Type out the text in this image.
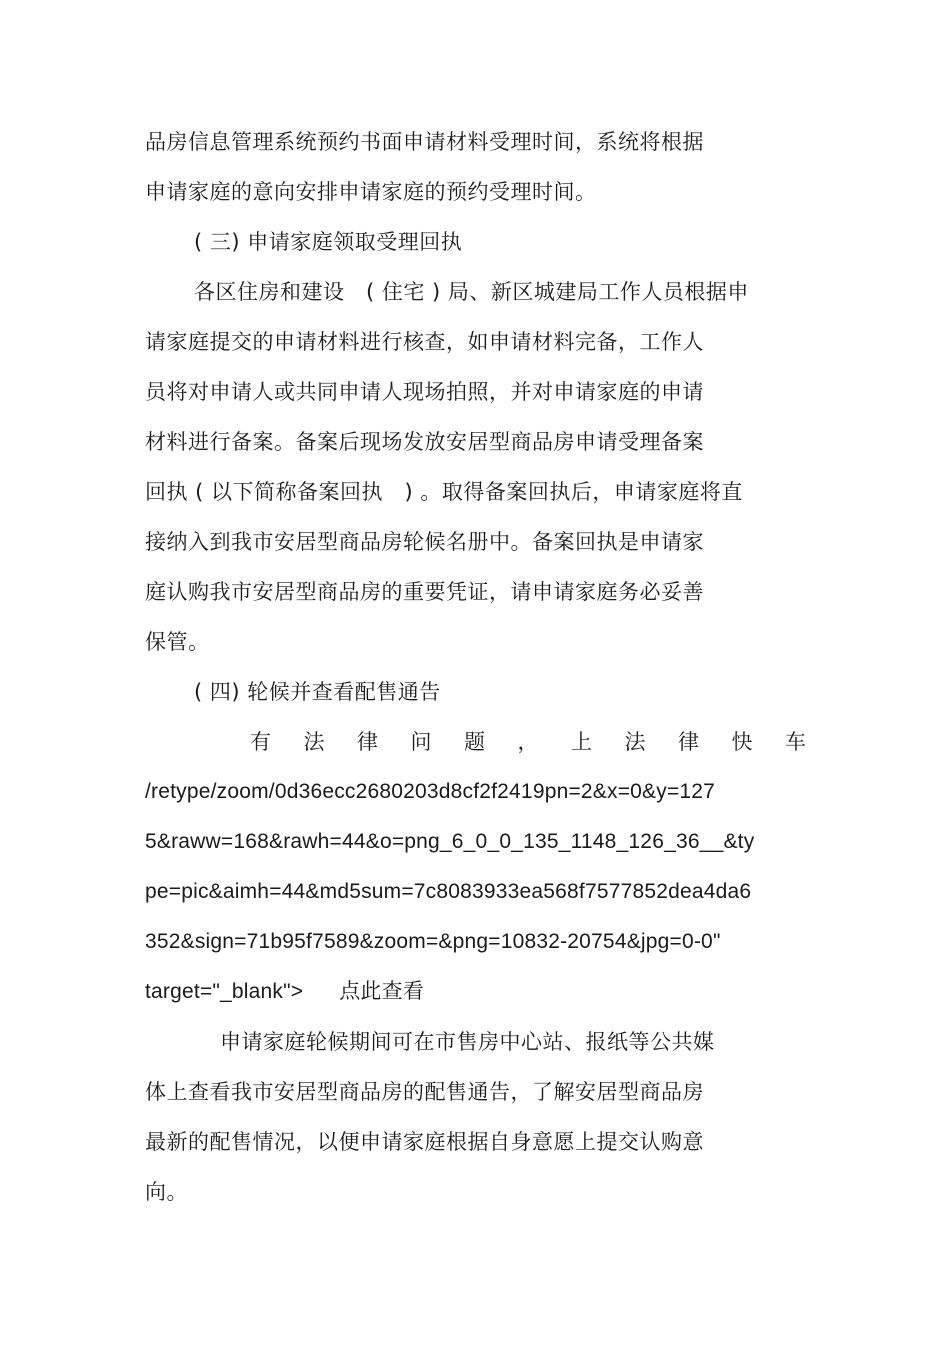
品房信息管理系统预约书面申请材料受理时间，系统将根据
申请家庭的意向安排申请家庭的预约受理时间。
( 三) 申请家庭领取受理回执
各区住房和建设　( 住宅 ) 局、新区城建局工作人员根据申
请家庭提交的申请材料进行核查，如申请材料完备，工作人
员将对申请人或共同申请人现场拍照，并对申请家庭的申请
材料进行备案。备案后现场发放安居型商品房申请受理备案
回执 ( 以下简称备案回执　) 。取得备案回执后，申请家庭将直
接纳入到我市安居型商品房轮候名册中。备案回执是申请家
庭认购我市安居型商品房的重要凭证，请申请家庭务必妥善
保管。
( 四) 轮候并查看配售通告
有 法 律 问 题 ， 上 法 律 快 车
/retype/zoom/0d36ecc2680203d8cf2f2419pn=2&x=0&y=127
5&raww=168&rawh=44&o=png_6_0_0_135_1148_126_36__&ty
pe=pic&aimh=44&md5sum=7c8083933ea568f7577852dea4da6
352&sign=71b95f7589&zoom=&png=10832-20754&jpg=0-0"
target="_blank"> 点此查看
申请家庭轮候期间可在市售房中心站、报纸等公共媒
体上查看我市安居型商品房的配售通告，了解安居型商品房
最新的配售情况，以便申请家庭根据自身意愿上提交认购意
向。
